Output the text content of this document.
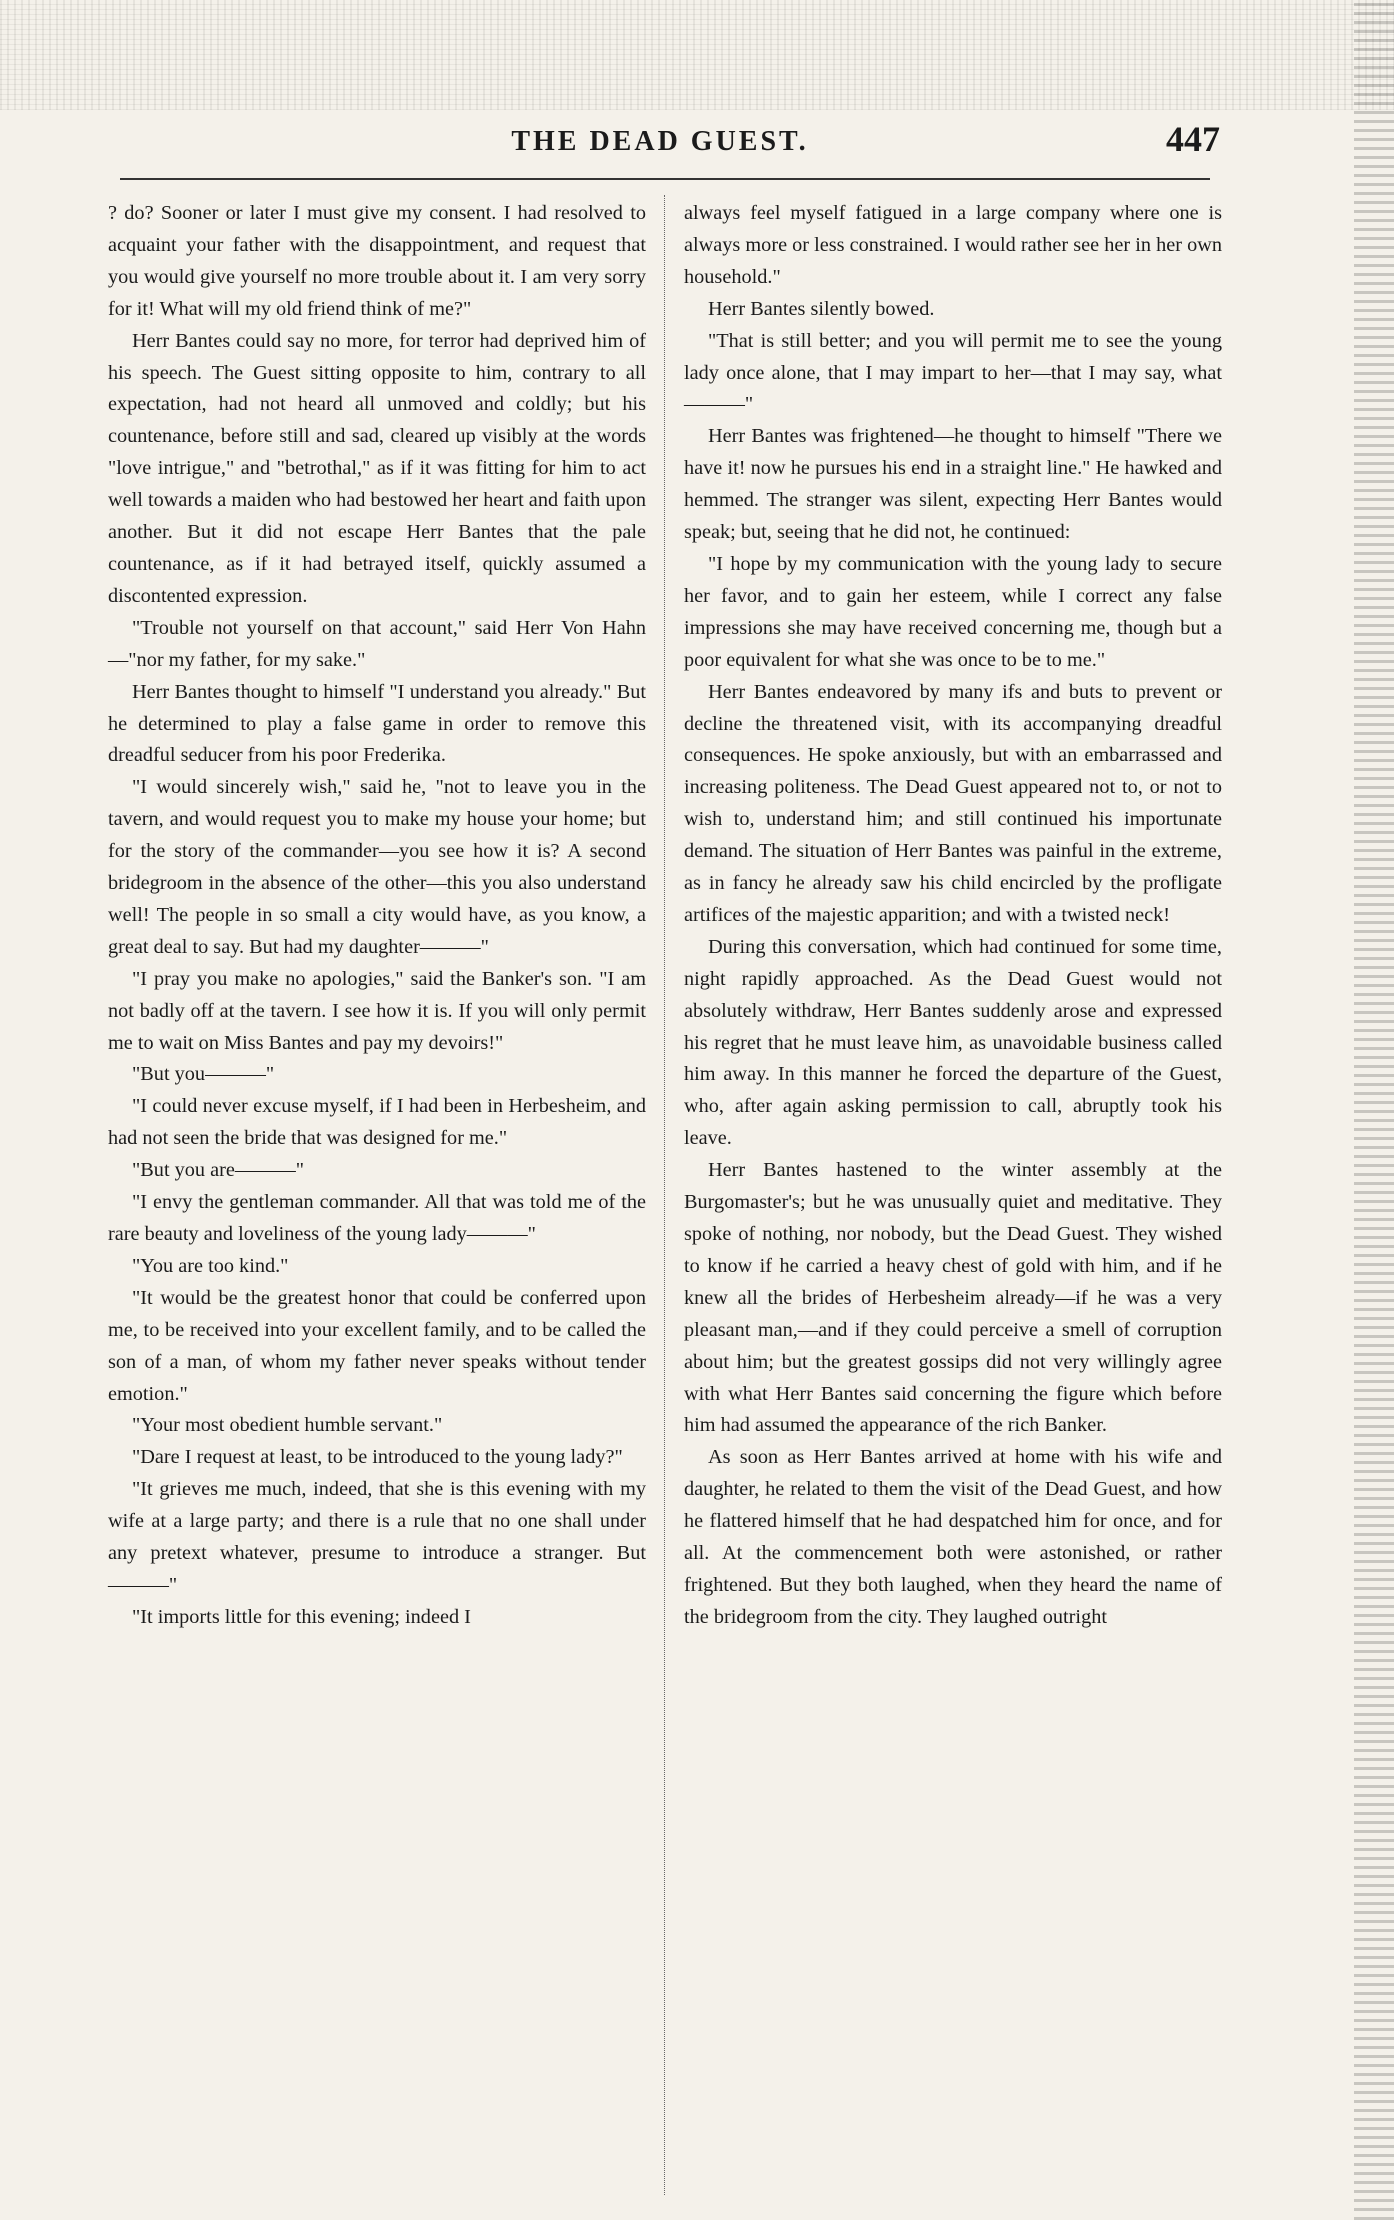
THE DEAD GUEST.	447

? do? Sooner or later I must give my consent. I had resolved to acquaint your father with the disappointment, and request that you would give yourself no more trouble about it. I am very sorry for it! What will my old friend think of me?"

Herr Bantes could say no more, for terror had deprived him of his speech. The Guest sitting opposite to him, contrary to all expectation, had not heard all unmoved and coldly; but his countenance, before still and sad, cleared up visibly at the words "love intrigue," and "betrothal," as if it was fitting for him to act well towards a maiden who had bestowed her heart and faith upon another. But it did not escape Herr Bantes that the pale countenance, as if it had betrayed itself, quickly assumed a discontented expression.

"Trouble not yourself on that account," said Herr Von Hahn—"nor my father, for my sake."

Herr Bantes thought to himself "I understand you already." But he determined to play a false game in order to remove this dreadful seducer from his poor Frederika.

"I would sincerely wish," said he, "not to leave you in the tavern, and would request you to make my house your home; but for the story of the commander—you see how it is? A second bridegroom in the absence of the other—this you also understand well! The people in so small a city would have, as you know, a great deal to say. But had my daughter———"

"I pray you make no apologies," said the Banker's son. "I am not badly off at the tavern. I see how it is. If you will only permit me to wait on Miss Bantes and pay my devoirs!"

"But you———"

"I could never excuse myself, if I had been in Herbesheim, and had not seen the bride that was designed for me."

"But you are———"

"I envy the gentleman commander. All that was told me of the rare beauty and loveliness of the young lady———"

"You are too kind."

"It would be the greatest honor that could be conferred upon me, to be received into your excellent family, and to be called the son of a man, of whom my father never speaks without tender emotion."

"Your most obedient humble servant."

"Dare I request at least, to be introduced to the young lady?"

"It grieves me much, indeed, that she is this evening with my wife at a large party; and there is a rule that no one shall under any pretext whatever, presume to introduce a stranger. But———"

"It imports little for this evening; indeed I

always feel myself fatigued in a large company where one is always more or less constrained. I would rather see her in her own household."

Herr Bantes silently bowed.

"That is still better; and you will permit me to see the young lady once alone, that I may impart to her—that I may say, what———"

Herr Bantes was frightened—he thought to himself "There we have it! now he pursues his end in a straight line." He hawked and hemmed. The stranger was silent, expecting Herr Bantes would speak; but, seeing that he did not, he continued:

"I hope by my communication with the young lady to secure her favor, and to gain her esteem, while I correct any false impressions she may have received concerning me, though but a poor equivalent for what she was once to be to me."

Herr Bantes endeavored by many ifs and buts to prevent or decline the threatened visit, with its accompanying dreadful consequences. He spoke anxiously, but with an embarrassed and increasing politeness. The Dead Guest appeared not to, or not to wish to, understand him; and still continued his importunate demand. The situation of Herr Bantes was painful in the extreme, as in fancy he already saw his child encircled by the profligate artifices of the majestic apparition; and with a twisted neck!

During this conversation, which had continued for some time, night rapidly approached. As the Dead Guest would not absolutely withdraw, Herr Bantes suddenly arose and expressed his regret that he must leave him, as unavoidable business called him away. In this manner he forced the departure of the Guest, who, after again asking permission to call, abruptly took his leave.

Herr Bantes hastened to the winter assembly at the Burgomaster's; but he was unusually quiet and meditative. They spoke of nothing, nor nobody, but the Dead Guest. They wished to know if he carried a heavy chest of gold with him, and if he knew all the brides of Herbesheim already—if he was a very pleasant man,—and if they could perceive a smell of corruption about him; but the greatest gossips did not very willingly agree with what Herr Bantes said concerning the figure which before him had assumed the appearance of the rich Banker.

As soon as Herr Bantes arrived at home with his wife and daughter, he related to them the visit of the Dead Guest, and how he flattered himself that he had despatched him for once, and for all. At the commencement both were astonished, or rather frightened. But they both laughed, when they heard the name of the bridegroom from the city. They laughed outright
